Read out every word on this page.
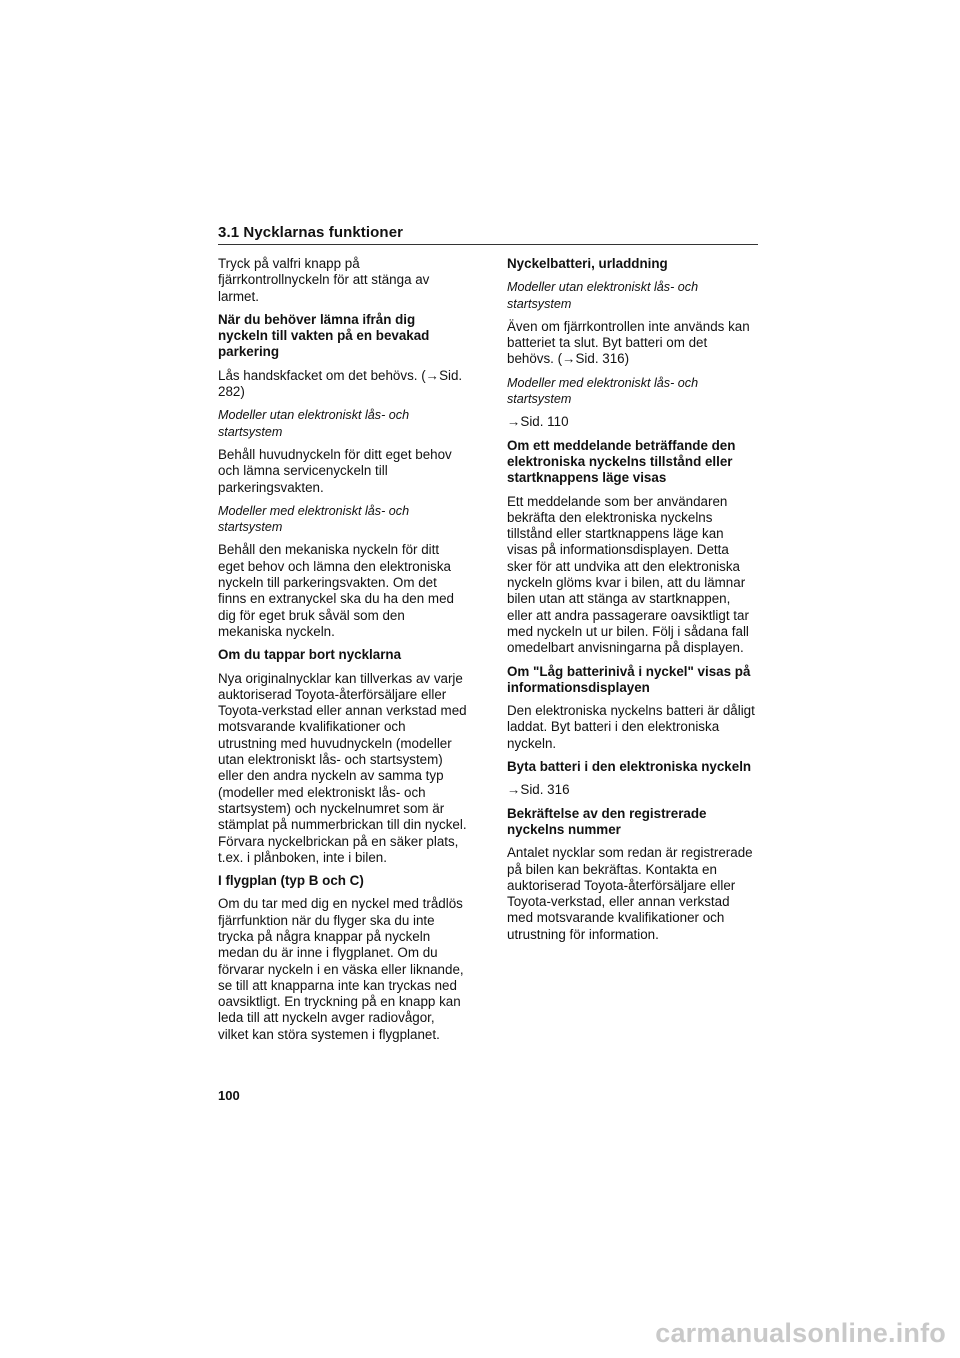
3.1 Nycklarnas funktioner

Tryck på valfri knapp på fjärrkontrollnyckeln för att stänga av larmet.

När du behöver lämna ifrån dig nyckeln till vakten på en bevakad parkering

Lås handskfacket om det behövs. (→Sid. 282)

Modeller utan elektroniskt lås- och startsystem

Behåll huvudnyckeln för ditt eget behov och lämna servicenyckeln till parkeringsvakten.

Modeller med elektroniskt lås- och startsystem

Behåll den mekaniska nyckeln för ditt eget behov och lämna den elektroniska nyckeln till parkeringsvakten. Om det finns en extranyckel ska du ha den med dig för eget bruk såväl som den mekaniska nyckeln.

Om du tappar bort nycklarna

Nya originalnycklar kan tillverkas av varje auktoriserad Toyota-återförsäljare eller Toyota-verkstad eller annan verkstad med motsvarande kvalifikationer och utrustning med huvudnyckeln (modeller utan elektroniskt lås- och startsystem) eller den andra nyckeln av samma typ (modeller med elektroniskt lås- och startsystem) och nyckelnumret som är stämplat på nummerbrickan till din nyckel. Förvara nyckelbrickan på en säker plats, t.ex. i plånboken, inte i bilen.

I flygplan (typ B och C)

Om du tar med dig en nyckel med trådlös fjärrfunktion när du flyger ska du inte trycka på några knappar på nyckeln medan du är inne i flygplanet. Om du förvarar nyckeln i en väska eller liknande, se till att knapparna inte kan tryckas ned oavsiktligt. En tryckning på en knapp kan leda till att nyckeln avger radiovågor, vilket kan störa systemen i flygplanet.

Nyckelbatteri, urladdning

Modeller utan elektroniskt lås- och startsystem

Även om fjärrkontrollen inte används kan batteriet ta slut. Byt batteri om det behövs. (→Sid. 316)

Modeller med elektroniskt lås- och startsystem

→Sid. 110

Om ett meddelande beträffande den elektroniska nyckelns tillstånd eller startknappens läge visas

Ett meddelande som ber användaren bekräfta den elektroniska nyckelns tillstånd eller startknappens läge kan visas på informationsdisplayen. Detta sker för att undvika att den elektroniska nyckeln glöms kvar i bilen, att du lämnar bilen utan att stänga av startknappen, eller att andra passagerare oavsiktligt tar med nyckeln ut ur bilen. Följ i sådana fall omedelbart anvisningarna på displayen.

Om "Låg batterinivå i nyckel" visas på informationsdisplayen

Den elektroniska nyckelns batteri är dåligt laddat. Byt batteri i den elektroniska nyckeln.

Byta batteri i den elektroniska nyckeln

→Sid. 316

Bekräftelse av den registrerade nyckelns nummer

Antalet nycklar som redan är registrerade på bilen kan bekräftas. Kontakta en auktoriserad Toyota-återförsäljare eller Toyota-verkstad, eller annan verkstad med motsvarande kvalifikationer och utrustning för information.

100
carmanualsonline.info
